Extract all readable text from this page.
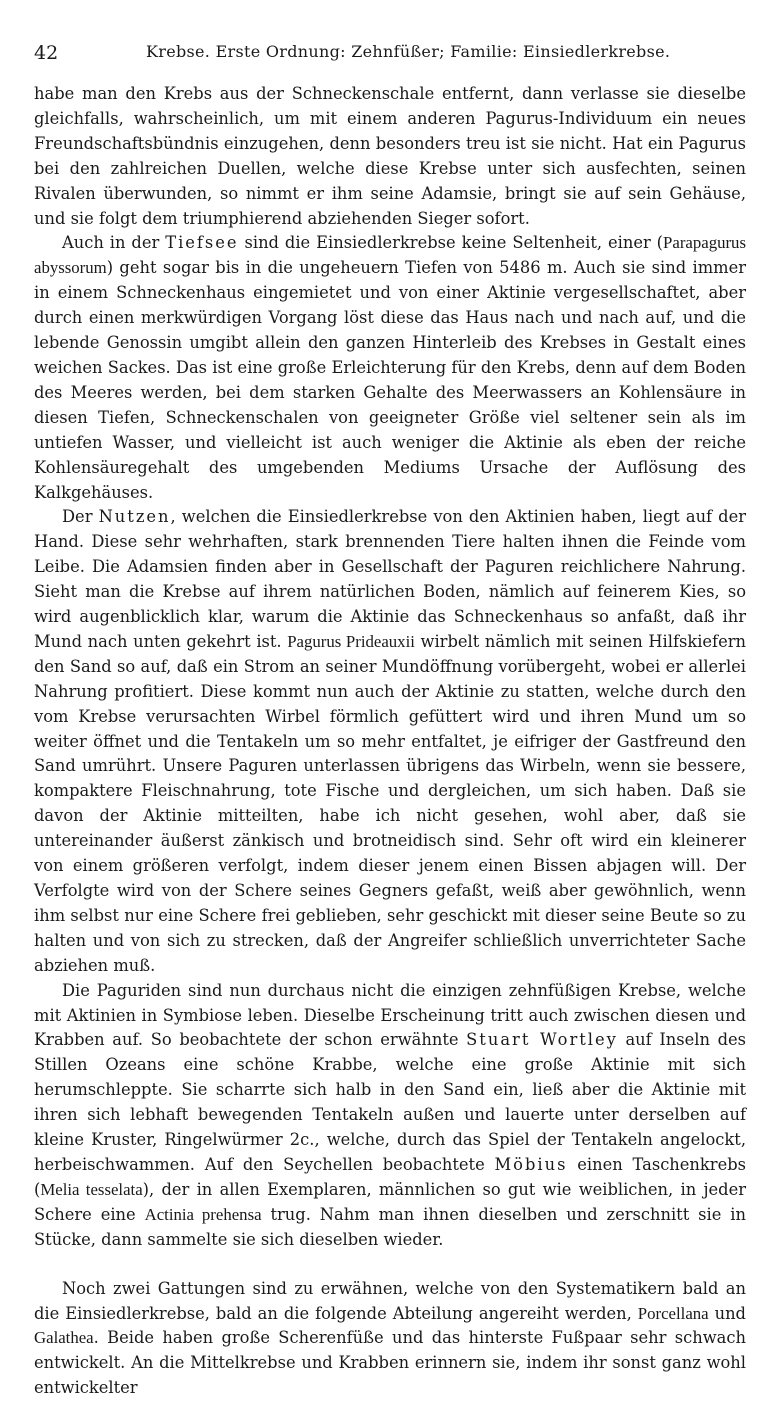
42	Krebse. Erste Ordnung: Zehnfüßer; Familie: Einsiedlerkrebse.

habe man den Krebs aus der Schneckenschale entfernt, dann verlasse sie dieselbe gleichfalls, wahrscheinlich, um mit einem anderen Pagurus-Individuum ein neues Freundschaftsbündnis einzugehen, denn besonders treu ist sie nicht. Hat ein Pagurus bei den zahlreichen Duellen, welche diese Krebse unter sich ausfechten, seinen Rivalen überwunden, so nimmt er ihm seine Adamsie, bringt sie auf sein Gehäuse, und sie folgt dem triumphierend abziehenden Sieger sofort.

Auch in der Tiefsee sind die Einsiedlerkrebse keine Seltenheit, einer (Parapagurus abyssorum) geht sogar bis in die ungeheuern Tiefen von 5486 m. Auch sie sind immer in einem Schneckenhaus eingemietet und von einer Aktinie vergesellschaftet, aber durch einen merkwürdigen Vorgang löst diese das Haus nach und nach auf, und die lebende Genossin umgibt allein den ganzen Hinterleib des Krebses in Gestalt eines weichen Sackes. Das ist eine große Erleichterung für den Krebs, denn auf dem Boden des Meeres werden, bei dem starken Gehalte des Meerwassers an Kohlensäure in diesen Tiefen, Schneckenschalen von geeigneter Größe viel seltener sein als im untiefen Wasser, und vielleicht ist auch weniger die Aktinie als eben der reiche Kohlensäuregehalt des umgebenden Mediums Ursache der Auflösung des Kalkgehäuses.

Der Nutzen, welchen die Einsiedlerkrebse von den Aktinien haben, liegt auf der Hand. Diese sehr wehrhaften, stark brennenden Tiere halten ihnen die Feinde vom Leibe. Die Adamsien finden aber in Gesellschaft der Paguren reichlichere Nahrung. Sieht man die Krebse auf ihrem natürlichen Boden, nämlich auf feinerem Kies, so wird augenblicklich klar, warum die Aktinie das Schneckenhaus so anfaßt, daß ihr Mund nach unten gekehrt ist. Pagurus Prideauxii wirbelt nämlich mit seinen Hilfskiefern den Sand so auf, daß ein Strom an seiner Mundöffnung vorübergeht, wobei er allerlei Nahrung profitiert. Diese kommt nun auch der Aktinie zu statten, welche durch den vom Krebse verursachten Wirbel förmlich gefüttert wird und ihren Mund um so weiter öffnet und die Tentakeln um so mehr entfaltet, je eifriger der Gastfreund den Sand umrührt. Unsere Paguren unterlassen übrigens das Wirbeln, wenn sie bessere, kompaktere Fleischnahrung, tote Fische und dergleichen, um sich haben. Daß sie davon der Aktinie mitteilten, habe ich nicht gesehen, wohl aber, daß sie untereinander äußerst zänkisch und brotneidisch sind. Sehr oft wird ein kleinerer von einem größeren verfolgt, indem dieser jenem einen Bissen abjagen will. Der Verfolgte wird von der Schere seines Gegners gefaßt, weiß aber gewöhnlich, wenn ihm selbst nur eine Schere frei geblieben, sehr geschickt mit dieser seine Beute so zu halten und von sich zu strecken, daß der Angreifer schließlich unverrichteter Sache abziehen muß.

Die Paguriden sind nun durchaus nicht die einzigen zehnfüßigen Krebse, welche mit Aktinien in Symbiose leben. Dieselbe Erscheinung tritt auch zwischen diesen und Krabben auf. So beobachtete der schon erwähnte Stuart Wortley auf Inseln des Stillen Ozeans eine schöne Krabbe, welche eine große Aktinie mit sich herumschleppte. Sie scharrte sich halb in den Sand ein, ließ aber die Aktinie mit ihren sich lebhaft bewegenden Tentakeln außen und lauerte unter derselben auf kleine Kruster, Ringelwürmer 2c., welche, durch das Spiel der Tentakeln angelockt, herbeischwammen. Auf den Seychellen beobachtete Möbius einen Taschenkrebs (Melia tesselata), der in allen Exemplaren, männlichen so gut wie weiblichen, in jeder Schere eine Actinia prehensa trug. Nahm man ihnen dieselben und zerschnitt sie in Stücke, dann sammelte sie sich dieselben wieder.

Noch zwei Gattungen sind zu erwähnen, welche von den Systematikern bald an die Einsiedlerkrebse, bald an die folgende Abteilung angereiht werden, Porcellana und Galathea. Beide haben große Scherenfüße und das hinterste Fußpaar sehr schwach entwickelt. An die Mittelkrebse und Krabben erinnern sie, indem ihr sonst ganz wohl entwickelter
